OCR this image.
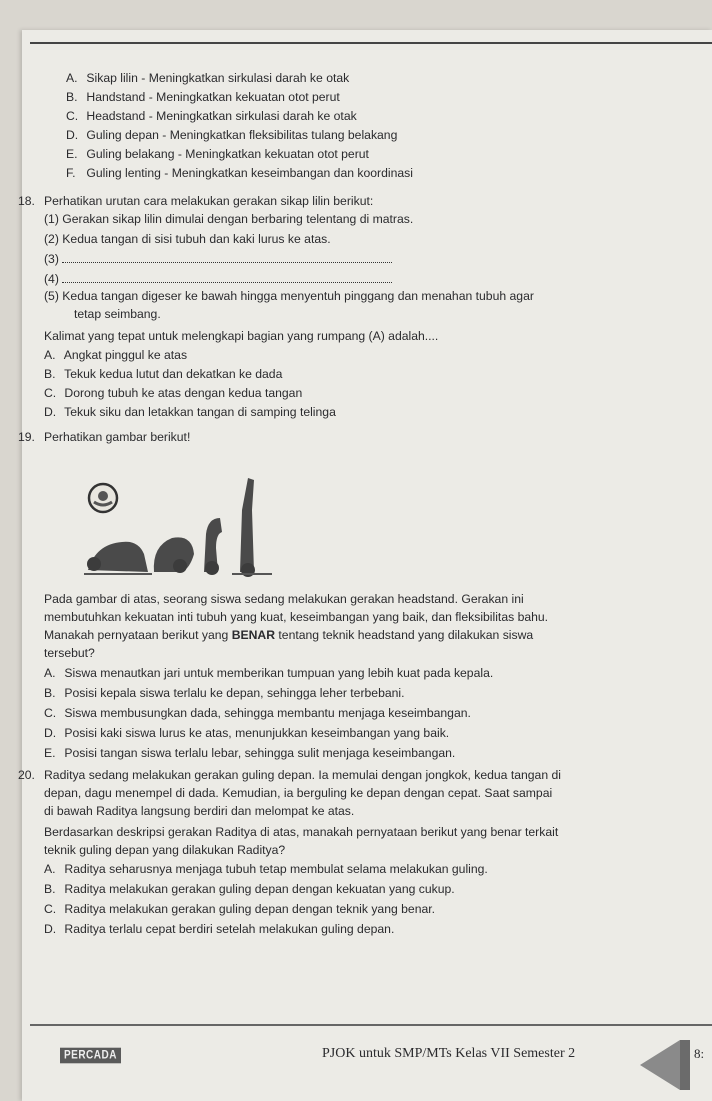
A. Sikap lilin - Meningkatkan sirkulasi darah ke otak
B. Handstand - Meningkatkan kekuatan otot perut
C. Headstand - Meningkatkan sirkulasi darah ke otak
D. Guling depan - Meningkatkan fleksibilitas tulang belakang
E. Guling belakang - Meningkatkan kekuatan otot perut
F. Guling lenting - Meningkatkan keseimbangan dan koordinasi
18. Perhatikan urutan cara melakukan gerakan sikap lilin berikut:
(1) Gerakan sikap lilin dimulai dengan berbaring telentang di matras.
(2) Kedua tangan di sisi tubuh dan kaki lurus ke atas.
(3)
(4)
(5) Kedua tangan digeser ke bawah hingga menyentuh pinggang dan menahan tubuh agar
tetap seimbang.
Kalimat yang tepat untuk melengkapi bagian yang rumpang (A) adalah....
A. Angkat pinggul ke atas
B. Tekuk kedua lutut dan dekatkan ke dada
C. Dorong tubuh ke atas dengan kedua tangan
D. Tekuk siku dan letakkan tangan di samping telinga
19. Perhatikan gambar berikut!
Pada gambar di atas, seorang siswa sedang melakukan gerakan headstand. Gerakan ini
membutuhkan kekuatan inti tubuh yang kuat, keseimbangan yang baik, dan fleksibilitas bahu.
Manakah pernyataan berikut yang BENAR tentang teknik headstand yang dilakukan siswa
tersebut?
A. Siswa menautkan jari untuk memberikan tumpuan yang lebih kuat pada kepala.
B. Posisi kepala siswa terlalu ke depan, sehingga leher terbebani.
C. Siswa membusungkan dada, sehingga membantu menjaga keseimbangan.
D. Posisi kaki siswa lurus ke atas, menunjukkan keseimbangan yang baik.
E. Posisi tangan siswa terlalu lebar, sehingga sulit menjaga keseimbangan.
20. Raditya sedang melakukan gerakan guling depan. Ia memulai dengan jongkok, kedua tangan di
depan, dagu menempel di dada. Kemudian, ia berguling ke depan dengan cepat. Saat sampai
di bawah Raditya langsung berdiri dan melompat ke atas.
Berdasarkan deskripsi gerakan Raditya di atas, manakah pernyataan berikut yang benar terkait
teknik guling depan yang dilakukan Raditya?
A. Raditya seharusnya menjaga tubuh tetap membulat selama melakukan guling.
B. Raditya melakukan gerakan guling depan dengan kekuatan yang cukup.
C. Raditya melakukan gerakan guling depan dengan teknik yang benar.
D. Raditya terlalu cepat berdiri setelah melakukan guling depan.
PERCADA	PJOK untuk SMP/MTs Kelas VII Semester 2	8:
